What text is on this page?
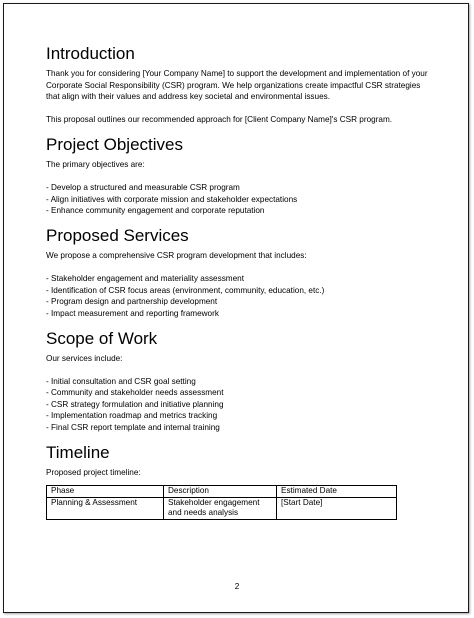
Introduction

Thank you for considering [Your Company Name] to support the development and implementation of your Corporate Social Responsibility (CSR) program. We help organizations create impactful CSR strategies that align with their values and address key societal and environmental issues.

This proposal outlines our recommended approach for [Client Company Name]'s CSR program.

Project Objectives

The primary objectives are:

- Develop a structured and measurable CSR program
- Align initiatives with corporate mission and stakeholder expectations
- Enhance community engagement and corporate reputation
Proposed Services

We propose a comprehensive CSR program development that includes:

- Stakeholder engagement and materiality assessment
- Identification of CSR focus areas (environment, community, education, etc.)
- Program design and partnership development
- Impact measurement and reporting framework
Scope of Work

Our services include:

- Initial consultation and CSR goal setting
- Community and stakeholder needs assessment
- CSR strategy formulation and initiative planning
- Implementation roadmap and metrics tracking
- Final CSR report template and internal training
Timeline

Proposed project timeline:

Phase	Description	Estimated Date
Planning & Assessment	Stakeholder engagement and needs analysis	[Start Date]
2
